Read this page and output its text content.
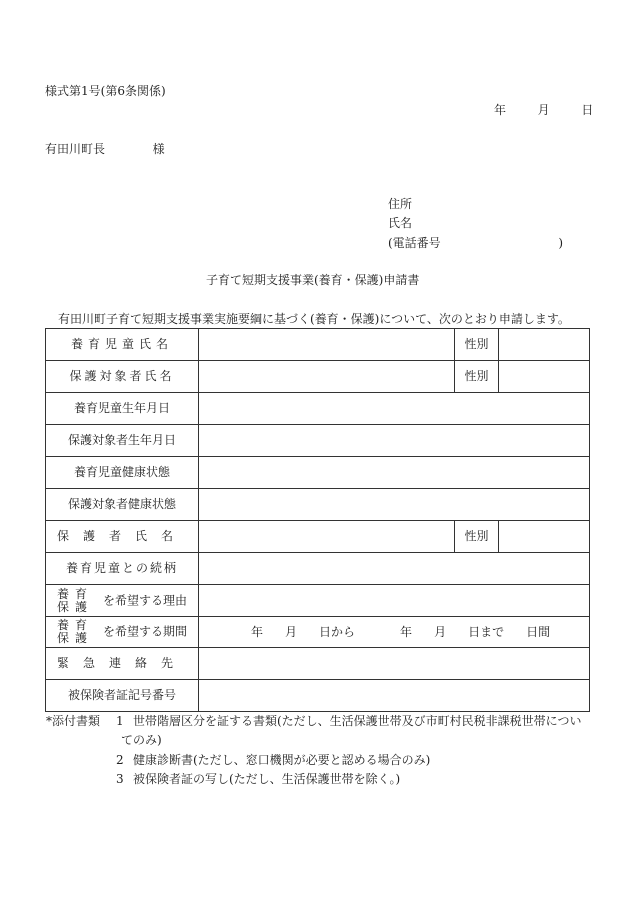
様式第1号(第6条関係)
年	月	日
有田川町長	様
住所
氏名
(電話番号	)
子育て短期支援事業(養育・保護)申請書
有田川町子育て短期支援事業実施要綱に基づく(養育・保護)について、次のとおり申請します。
養育児童氏名		性別	
保護対象者氏名		性別	
養育児童生年月日			
保護対象者生年月日			
養育児童健康状態			
保護対象者健康状態			
保護者氏名		性別	
養育児童との続柄			

養育
保護 を希望する理由			

養育
保護 を希望する期間	年 月 日から 年 月 日まで 日間		
緊急連絡先			
被保険者証記号番号			
*添付書類 1 世帯階層区分を証する書類(ただし、生活保護世帯及び市町村民税非課税世帯につい
てのみ)
2 健康診断書(ただし、窓口機関が必要と認める場合のみ)
3 被保険者証の写し(ただし、生活保護世帯を除く。)
